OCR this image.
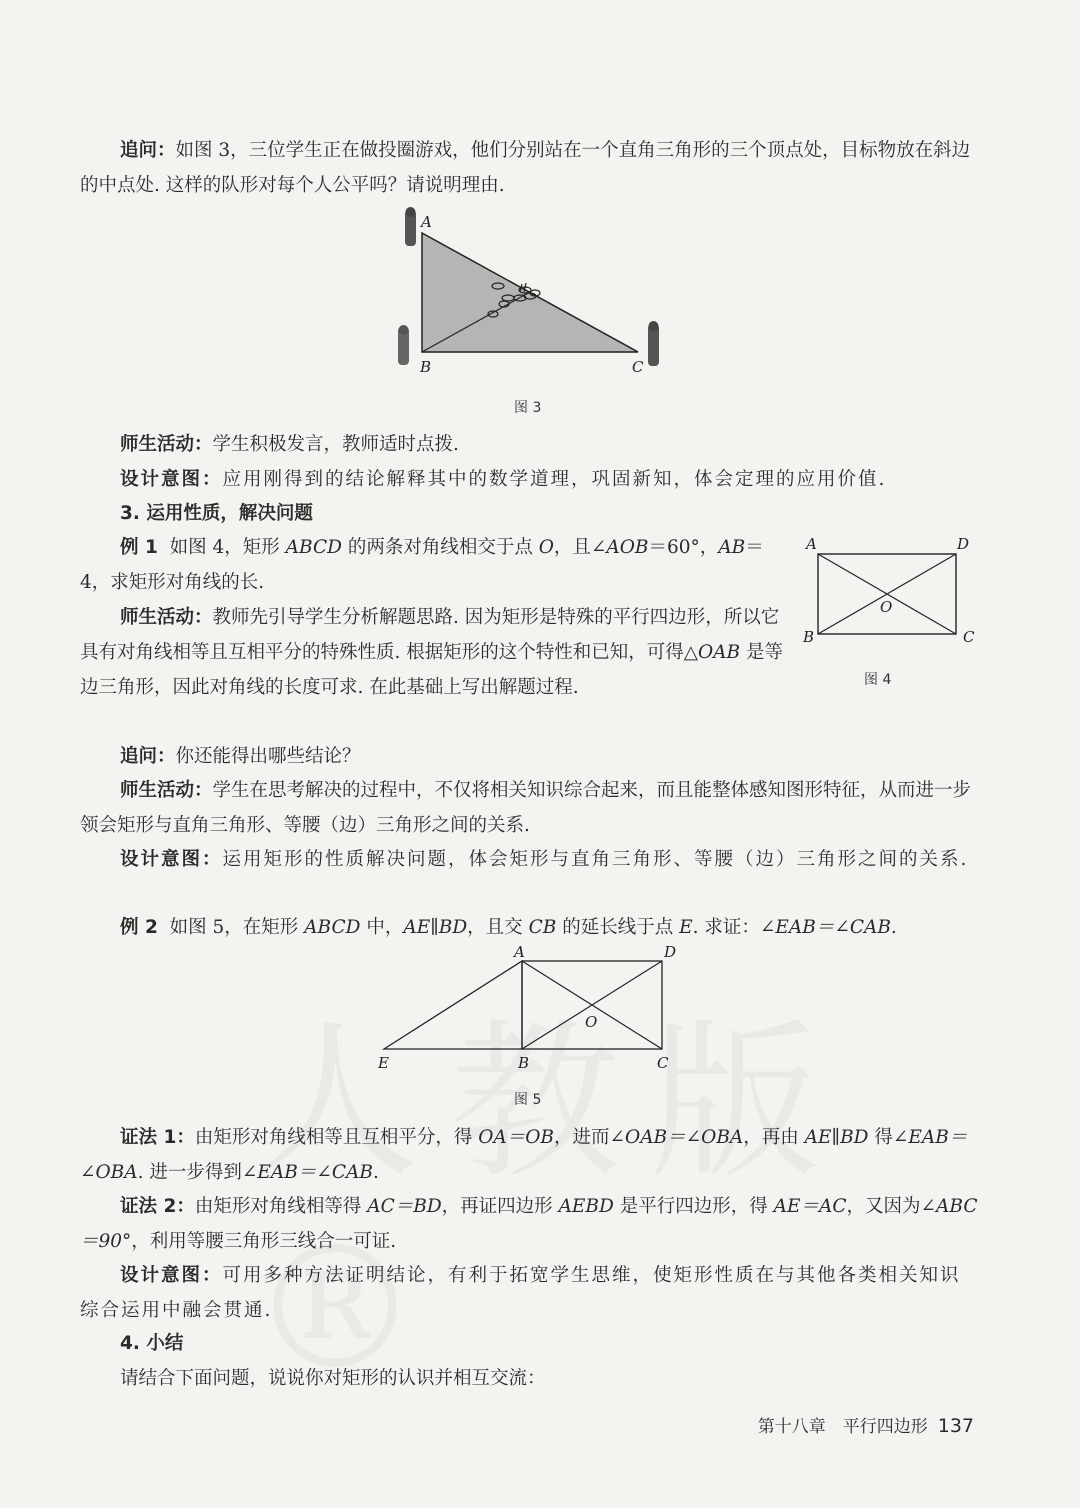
追问：如图 3，三位学生正在做投圈游戏，他们分别站在一个直角三角形的三个顶点处，目标物放在斜边的中点处. 这样的队形对每个人公平吗？请说明理由.

A
B	C
图 3

师生活动：学生积极发言，教师适时点拨.

设计意图：应用刚得到的结论解释其中的数学道理，巩固新知，体会定理的应用价值.

3. 运用性质，解决问题

例 1 如图 4，矩形 ABCD 的两条对角线相交于点 O，且∠AOB＝60°，AB＝4，求矩形对角线的长.

A	D
B	C
O
图 4

师生活动：教师先引导学生分析解题思路. 因为矩形是特殊的平行四边形，所以它具有对角线相等且互相平分的特殊性质. 根据矩形的这个特性和已知，可得△OAB 是等边三角形，因此对角线的长度可求. 在此基础上写出解题过程.

追问：你还能得出哪些结论？

师生活动：学生在思考解决的过程中，不仅将相关知识综合起来，而且能整体感知图形特征，从而进一步领会矩形与直角三角形、等腰（边）三角形之间的关系.

设计意图：运用矩形的性质解决问题，体会矩形与直角三角形、等腰（边）三角形之间的关系.

例 2 如图 5，在矩形 ABCD 中，AE∥BD，且交 CB 的延长线于点 E. 求证：∠EAB＝∠CAB.

A	D
E	B	C
O
图 5

证法 1：由矩形对角线相等且互相平分，得 OA＝OB，进而∠OAB＝∠OBA，再由 AE∥BD 得∠EAB＝∠OBA. 进一步得到∠EAB＝∠CAB.

证法 2：由矩形对角线相等得 AC＝BD，再证四边形 AEBD 是平行四边形，得 AE＝AC，又因为∠ABC＝90°，利用等腰三角形三线合一可证.

设计意图：可用多种方法证明结论，有利于拓宽学生思维，使矩形性质在与其他各类相关知识综合运用中融会贯通.

4. 小结

请结合下面问题，说说你对矩形的认识并相互交流：

第十八章　平行四边形 137
